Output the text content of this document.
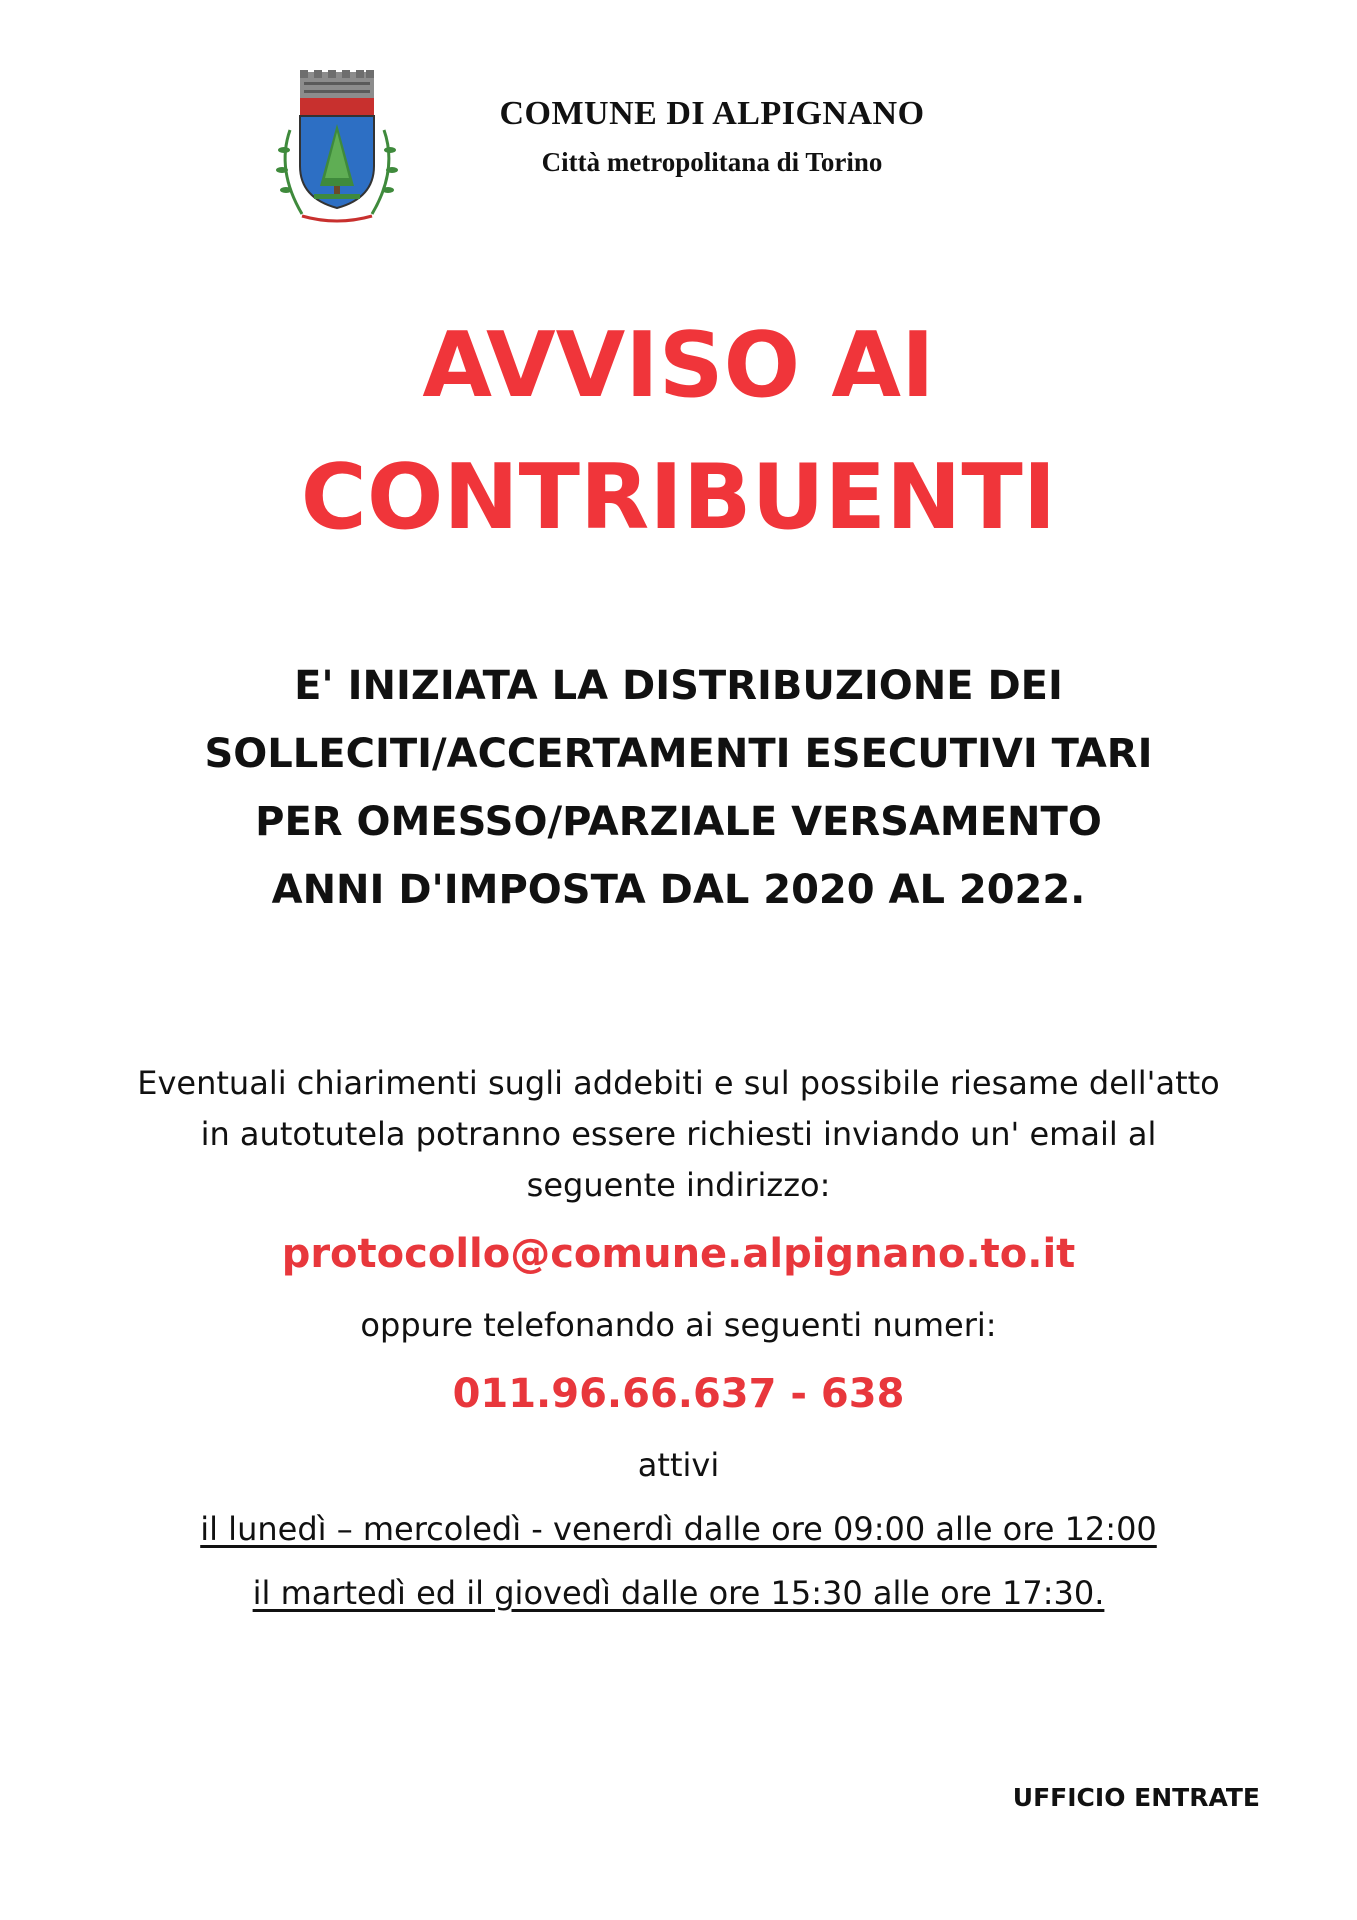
COMUNE DI ALPIGNANO
Città metropolitana di Torino
AVVISO AI
CONTRIBUENTI
E' INIZIATA LA DISTRIBUZIONE DEI
SOLLECITI/ACCERTAMENTI ESECUTIVI TARI
PER OMESSO/PARZIALE VERSAMENTO
ANNI D'IMPOSTA DAL 2020 AL 2022.
Eventuali chiarimenti sugli addebiti e sul possibile riesame dell'atto
in autotutela potranno essere richiesti inviando un' email al
seguente indirizzo:
protocollo@comune.alpignano.to.it
oppure telefonando ai seguenti numeri:
011.96.66.637 - 638
attivi
il lunedì – mercoledì - venerdì dalle ore 09:00 alle ore 12:00
il martedì ed il giovedì dalle ore 15:30 alle ore 17:30.
UFFICIO ENTRATE
